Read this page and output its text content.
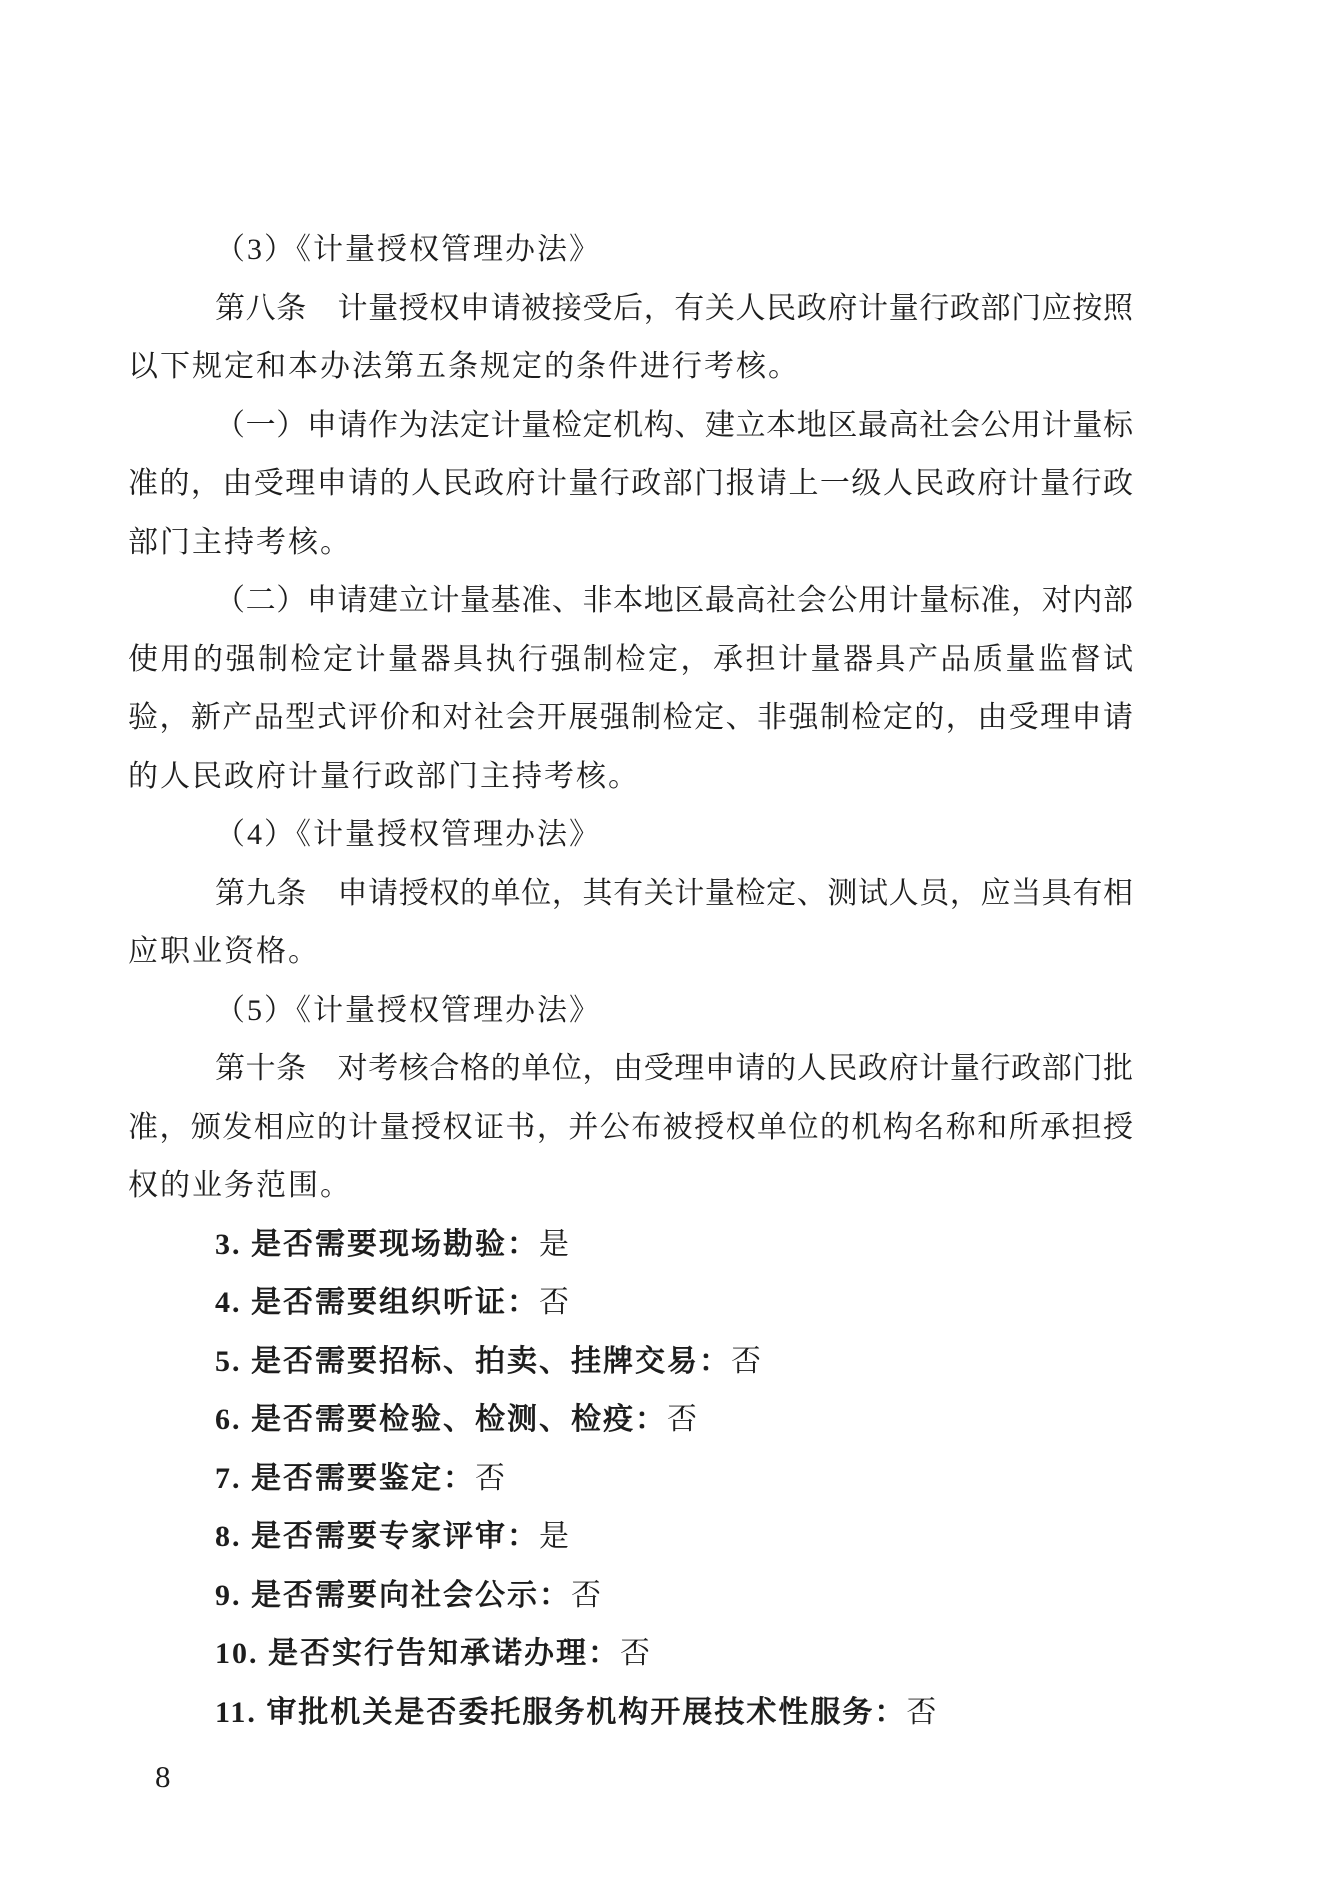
（3）《计量授权管理办法》
第八条　计量授权申请被接受后，有关人民政府计量行政部门应按照
以下规定和本办法第五条规定的条件进行考核。
（一）申请作为法定计量检定机构、建立本地区最高社会公用计量标
准的，由受理申请的人民政府计量行政部门报请上一级人民政府计量行政
部门主持考核。
（二）申请建立计量基准、非本地区最高社会公用计量标准，对内部
使用的强制检定计量器具执行强制检定，承担计量器具产品质量监督试
验，新产品型式评价和对社会开展强制检定、非强制检定的，由受理申请
的人民政府计量行政部门主持考核。
（4）《计量授权管理办法》
第九条　申请授权的单位，其有关计量检定、测试人员，应当具有相
应职业资格。
（5）《计量授权管理办法》
第十条　对考核合格的单位，由受理申请的人民政府计量行政部门批
准，颁发相应的计量授权证书，并公布被授权单位的机构名称和所承担授
权的业务范围。
3. 是否需要现场勘验：是
4. 是否需要组织听证：否
5. 是否需要招标、拍卖、挂牌交易：否
6. 是否需要检验、检测、检疫：否
7. 是否需要鉴定：否
8. 是否需要专家评审：是
9. 是否需要向社会公示：否
10. 是否实行告知承诺办理：否
11. 审批机关是否委托服务机构开展技术性服务：否
8
